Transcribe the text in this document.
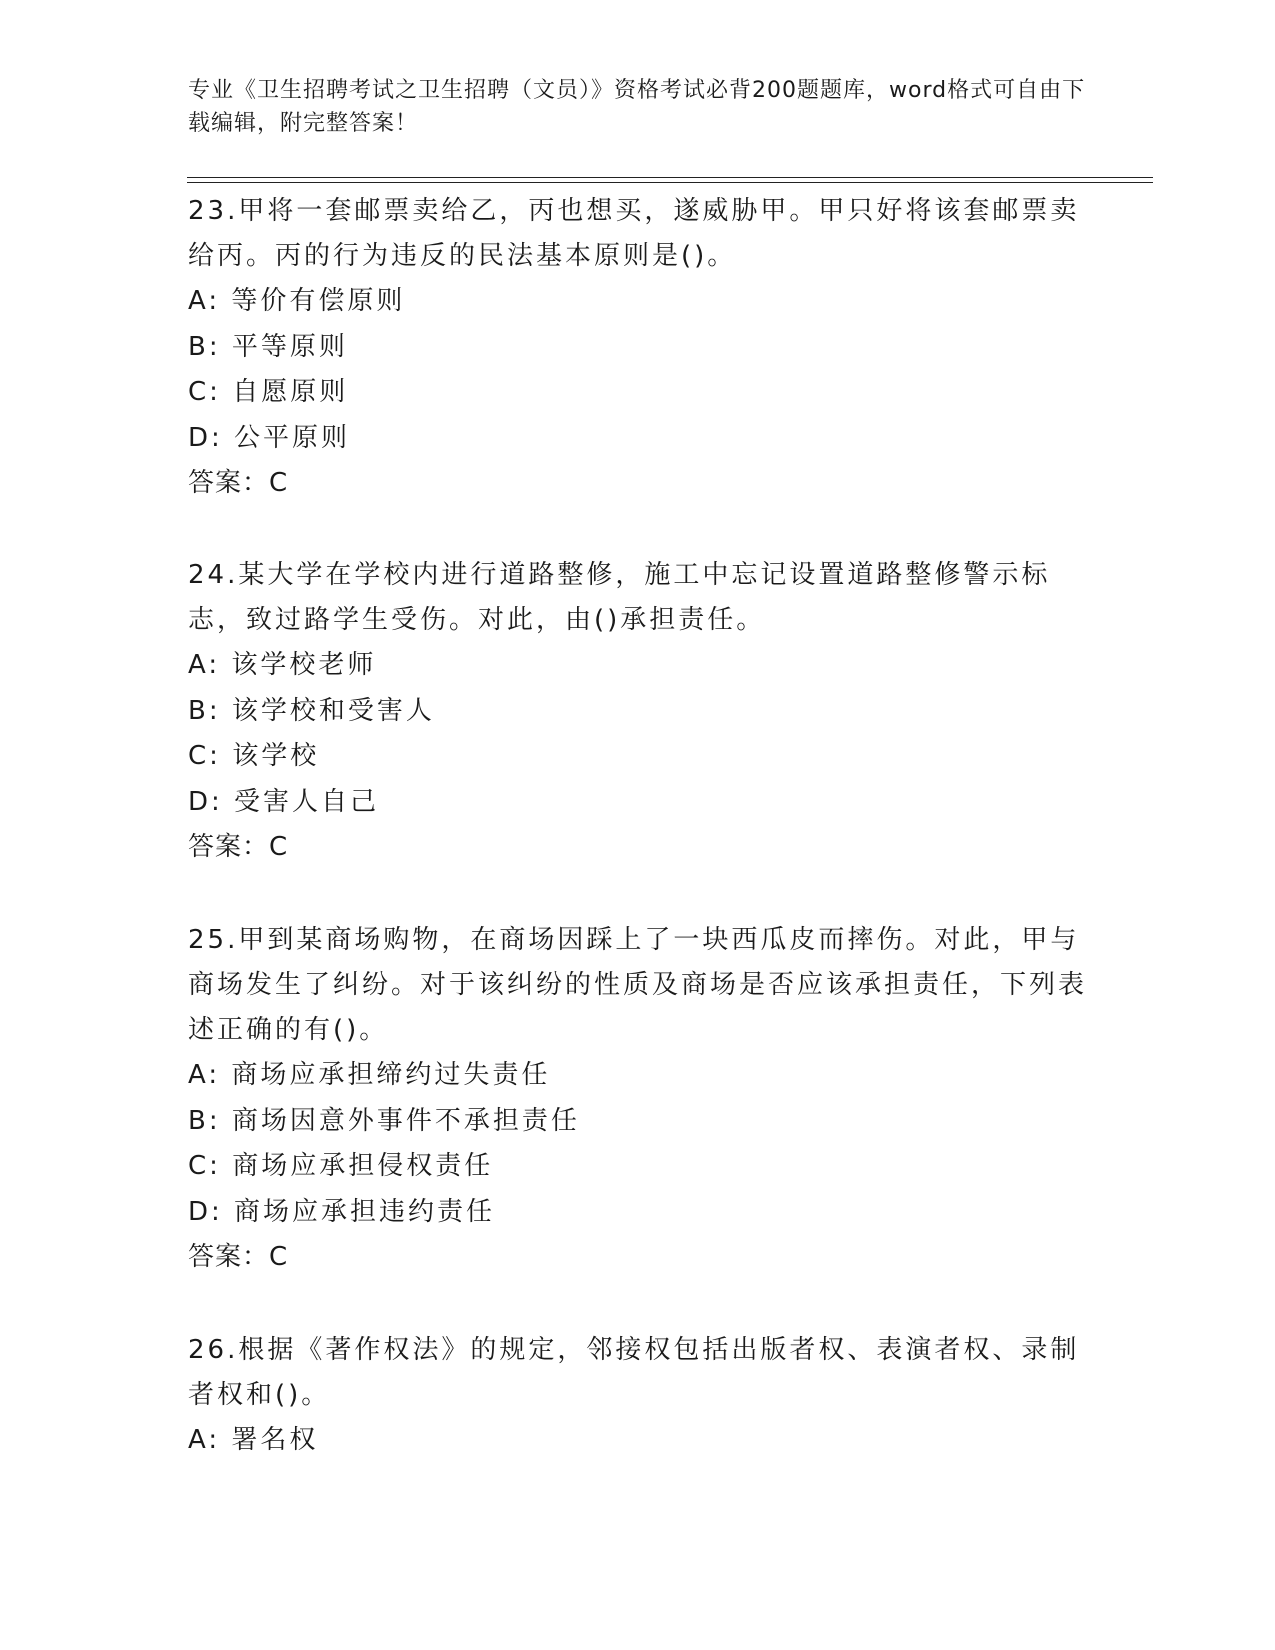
专业《卫生招聘考试之卫生招聘（文员）》资格考试必背200题题库，word格式可自由下载编辑，附完整答案！

23.甲将一套邮票卖给乙，丙也想买，遂威胁甲。甲只好将该套邮票卖给丙。丙的行为违反的民法基本原则是()。

A: 等价有偿原则

B: 平等原则

C: 自愿原则

D: 公平原则

答案：C

24.某大学在学校内进行道路整修，施工中忘记设置道路整修警示标志，致过路学生受伤。对此，由()承担责任。

A: 该学校老师

B: 该学校和受害人

C: 该学校

D: 受害人自己

答案：C

25.甲到某商场购物，在商场因踩上了一块西瓜皮而摔伤。对此，甲与商场发生了纠纷。对于该纠纷的性质及商场是否应该承担责任，下列表述正确的有()。

A: 商场应承担缔约过失责任

B: 商场因意外事件不承担责任

C: 商场应承担侵权责任

D: 商场应承担违约责任

答案：C

26.根据《著作权法》的规定，邻接权包括出版者权、表演者权、录制者权和()。

A: 署名权
